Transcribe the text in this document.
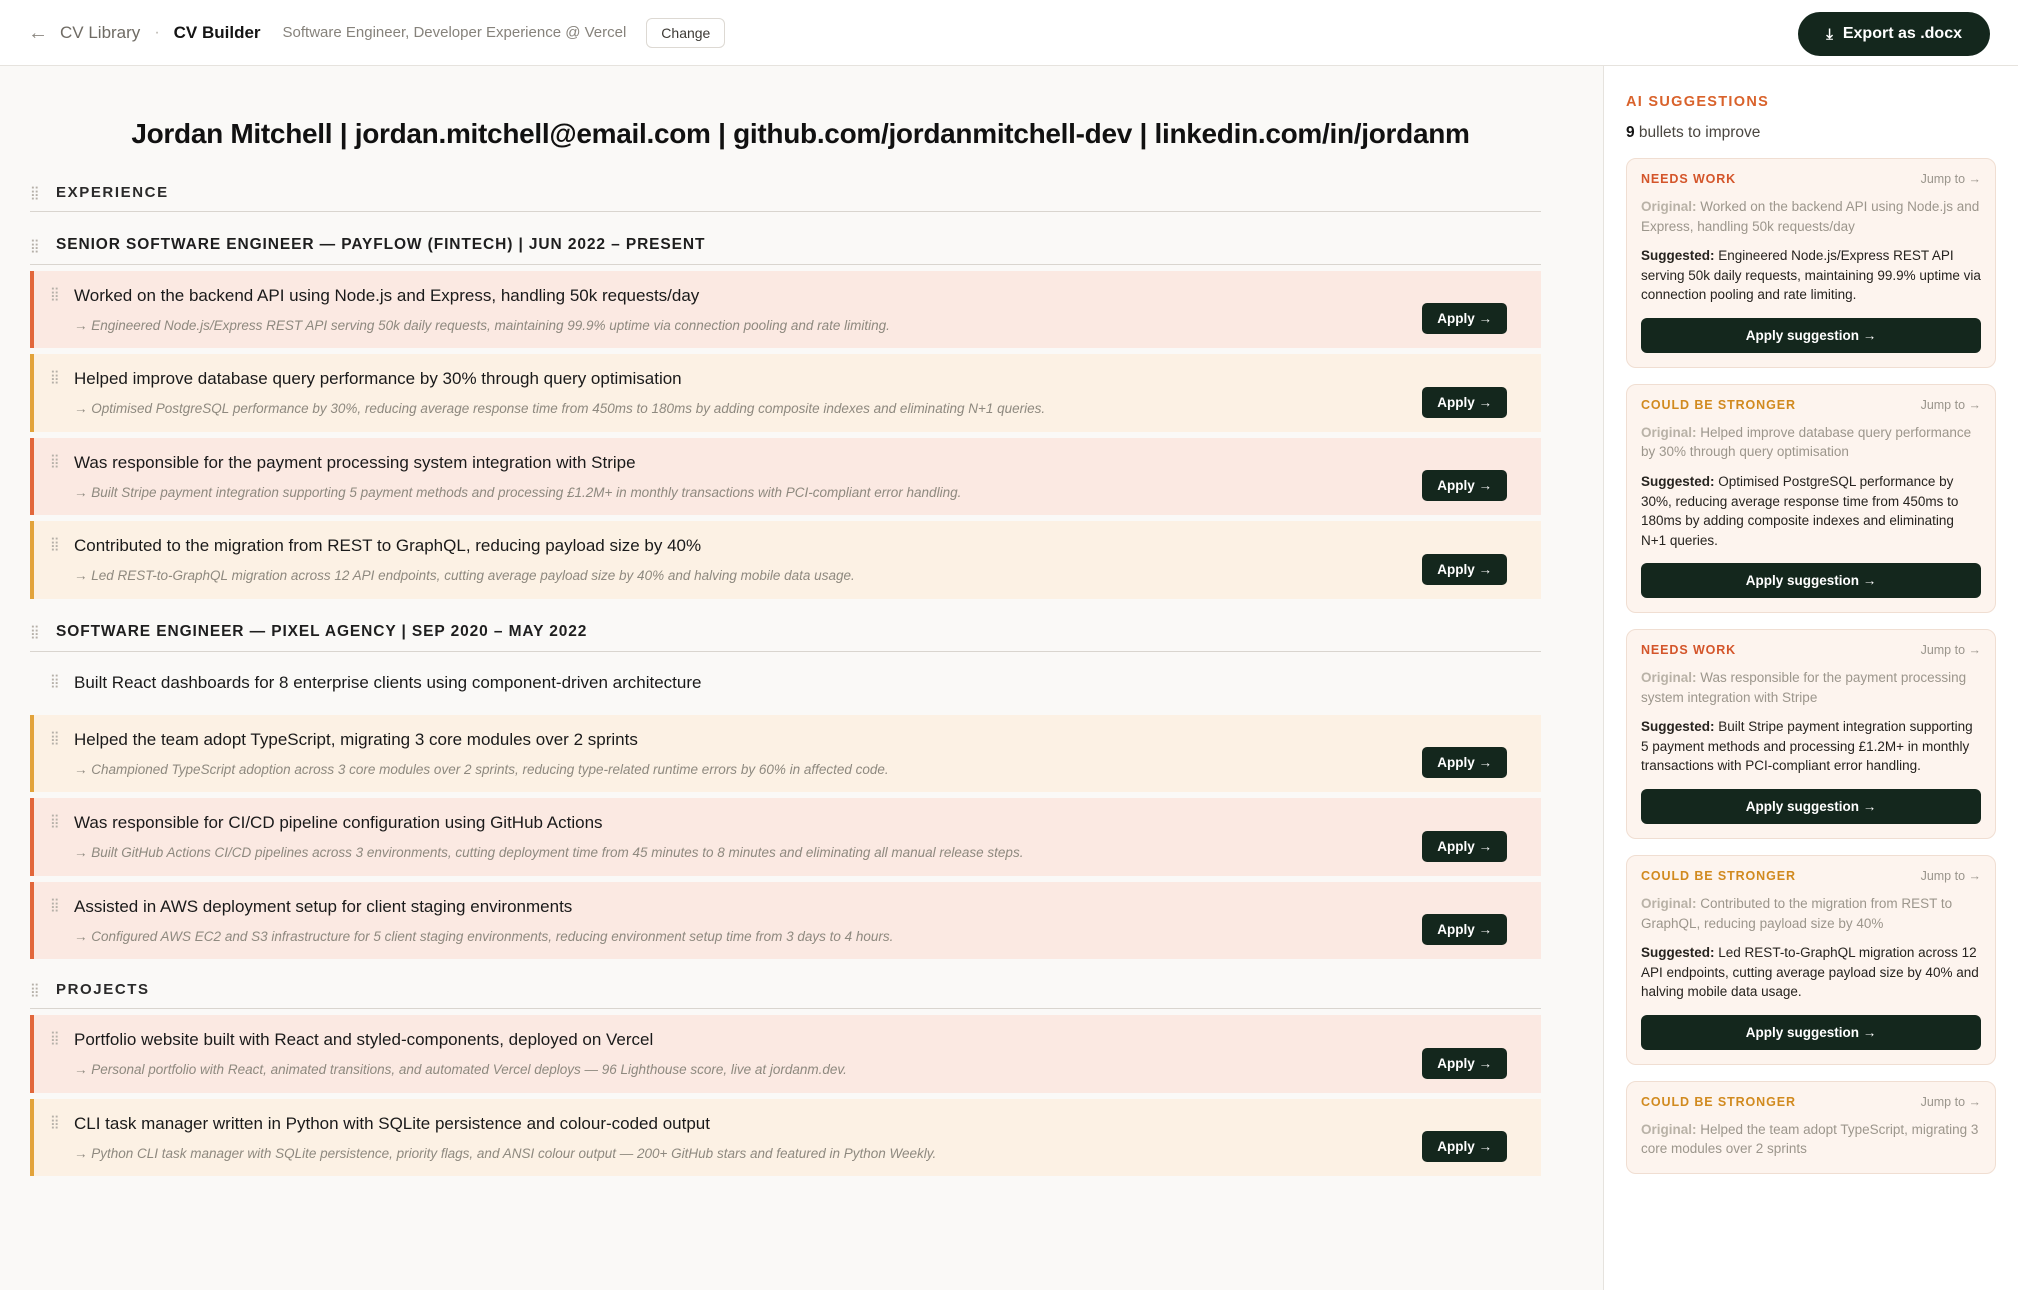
← CV Library · CV Builder Software Engineer, Developer Experience @ Vercel	Change	⤓ Export as .docx
Jordan Mitchell | jordan.mitchell@email.com | github.com/jordanmitchell-dev | linkedin.com/in/jordanm
⣿ EXPERIENCE
⣿ SENIOR SOFTWARE ENGINEER — PAYFLOW (FINTECH) | JUN 2022 – PRESENT
⣿ Worked on the backend API using Node.js and Express, handling 50k requests/day
→ Engineered Node.js/Express REST API serving 50k daily requests, maintaining 99.9% uptime via connection pooling and rate limiting.	Apply →
⣿ Helped improve database query performance by 30% through query optimisation
→ Optimised PostgreSQL performance by 30%, reducing average response time from 450ms to 180ms by adding composite indexes and eliminating N+1 queries.	Apply →
⣿ Was responsible for the payment processing system integration with Stripe
→ Built Stripe payment integration supporting 5 payment methods and processing £1.2M+ in monthly transactions with PCI-compliant error handling.	Apply →
⣿ Contributed to the migration from REST to GraphQL, reducing payload size by 40%
→ Led REST-to-GraphQL migration across 12 API endpoints, cutting average payload size by 40% and halving mobile data usage.	Apply →
⣿ SOFTWARE ENGINEER — PIXEL AGENCY | SEP 2020 – MAY 2022
⣿ Built React dashboards for 8 enterprise clients using component-driven architecture
⣿ Helped the team adopt TypeScript, migrating 3 core modules over 2 sprints
→ Championed TypeScript adoption across 3 core modules over 2 sprints, reducing type-related runtime errors by 60% in affected code.	Apply →
⣿ Was responsible for CI/CD pipeline configuration using GitHub Actions
→ Built GitHub Actions CI/CD pipelines across 3 environments, cutting deployment time from 45 minutes to 8 minutes and eliminating all manual release steps.	Apply →
⣿ Assisted in AWS deployment setup for client staging environments
→ Configured AWS EC2 and S3 infrastructure for 5 client staging environments, reducing environment setup time from 3 days to 4 hours.	Apply →
⣿ PROJECTS
⣿ Portfolio website built with React and styled-components, deployed on Vercel
→ Personal portfolio with React, animated transitions, and automated Vercel deploys — 96 Lighthouse score, live at jordanm.dev.	Apply →
⣿ CLI task manager written in Python with SQLite persistence and colour-coded output
→ Python CLI task manager with SQLite persistence, priority flags, and ANSI colour output — 200+ GitHub stars and featured in Python Weekly.	Apply →
AI SUGGESTIONS
9 bullets to improve
NEEDS WORK	Jump to →
Original: Worked on the backend API using Node.js and Express, handling 50k requests/day
Suggested: Engineered Node.js/Express REST API serving 50k daily requests, maintaining 99.9% uptime via connection pooling and rate limiting.
Apply suggestion →
COULD BE STRONGER	Jump to →
Original: Helped improve database query performance by 30% through query optimisation
Suggested: Optimised PostgreSQL performance by 30%, reducing average response time from 450ms to 180ms by adding composite indexes and eliminating N+1 queries.
Apply suggestion →
NEEDS WORK	Jump to →
Original: Was responsible for the payment processing system integration with Stripe
Suggested: Built Stripe payment integration supporting 5 payment methods and processing £1.2M+ in monthly transactions with PCI-compliant error handling.
Apply suggestion →
COULD BE STRONGER	Jump to →
Original: Contributed to the migration from REST to GraphQL, reducing payload size by 40%
Suggested: Led REST-to-GraphQL migration across 12 API endpoints, cutting average payload size by 40% and halving mobile data usage.
Apply suggestion →
COULD BE STRONGER	Jump to →
Original: Helped the team adopt TypeScript, migrating 3 core modules over 2 sprints
